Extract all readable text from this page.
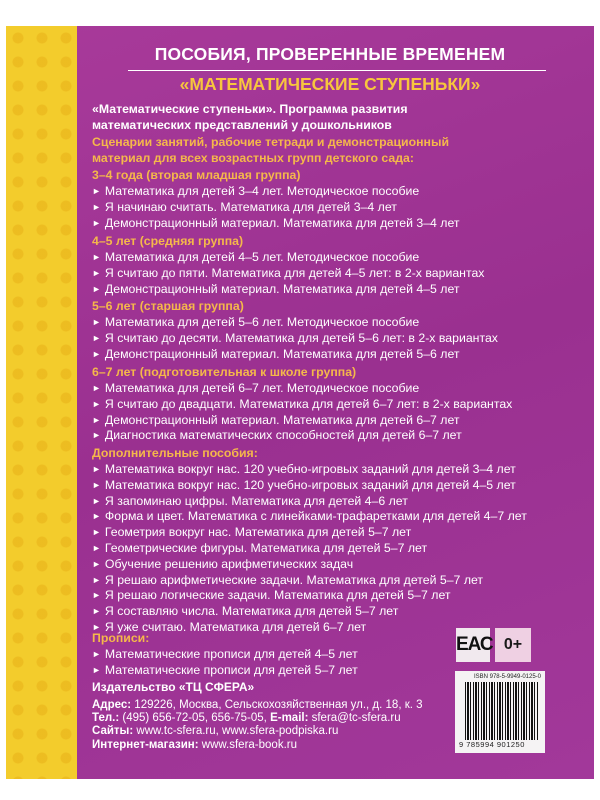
ПОСОБИЯ, ПРОВЕРЕННЫЕ ВРЕМЕНЕМ
«МАТЕМАТИЧЕСКИЕ СТУПЕНЬКИ»
«Математические ступеньки». Программа развития
математических представлений у дошкольников
Сценарии занятий, рабочие тетради и демонстрационный
материал для всех возрастных групп детского сада:
3–4 года (вторая младшая группа)
► Математика для детей 3–4 лет. Методическое пособие
► Я начинаю считать. Математика для детей 3–4 лет
► Демонстрационный материал. Математика для детей 3–4 лет
4–5 лет (средняя группа)
► Математика для детей 4–5 лет. Методическое пособие
► Я считаю до пяти. Математика для детей 4–5 лет: в 2-х вариантах
► Демонстрационный материал. Математика для детей 4–5 лет
5–6 лет (старшая группа)
► Математика для детей 5–6 лет. Методическое пособие
► Я считаю до десяти. Математика для детей 5–6 лет: в 2-х вариантах
► Демонстрационный материал. Математика для детей 5–6 лет
6–7 лет (подготовительная к школе группа)
► Математика для детей 6–7 лет. Методическое пособие
► Я считаю до двадцати. Математика для детей 6–7 лет: в 2-х вариантах
► Демонстрационный материал. Математика для детей 6–7 лет
► Диагностика математических способностей для детей 6–7 лет
Дополнительные пособия:
► Математика вокруг нас. 120 учебно-игровых заданий для детей 3–4 лет
► Математика вокруг нас. 120 учебно-игровых заданий для детей 4–5 лет
► Я запоминаю цифры. Математика для детей 4–6 лет
► Форма и цвет. Математика с линейками-трафаретками для детей 4–7 лет
► Геометрия вокруг нас. Математика для детей 5–7 лет
► Геометрические фигуры. Математика для детей 5–7 лет
► Обучение решению арифметических задач
► Я решаю арифметические задачи. Математика для детей 5–7 лет
► Я решаю логические задачи. Математика для детей 5–7 лет
► Я составляю числа. Математика для детей 5–7 лет
► Я уже считаю. Математика для детей 6–7 лет
Прописи:
► Математические прописи для детей 4–5 лет
► Математические прописи для детей 5–7 лет
Издательство «ТЦ СФЕРА»
Адрес: 129226, Москва, Сельскохозяйственная ул., д. 18, к. 3
Тел.: (495) 656-72-05, 656-75-05, E-mail: sfera@tc-sfera.ru
Сайты: www.tc-sfera.ru, www.sfera-podpiska.ru
Интернет-магазин: www.sfera-book.ru
ЕАС 0+
ISBN 978-5-9949-0125-0
9 785994 901250
